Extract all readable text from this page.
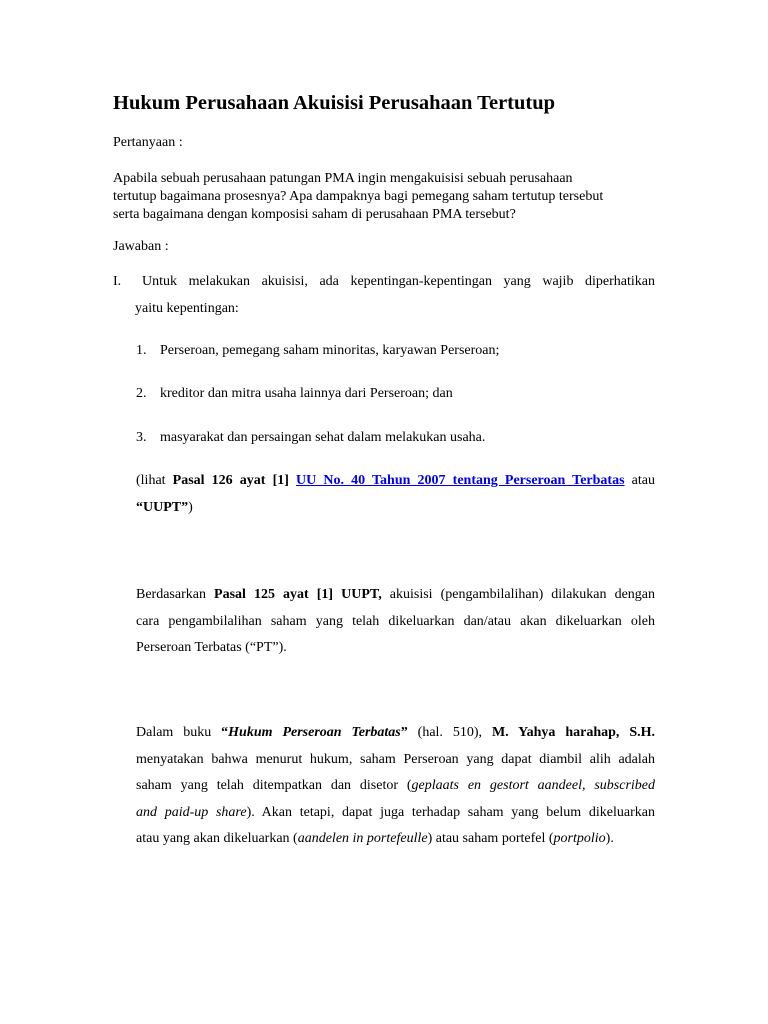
Hukum Perusahaan Akuisisi Perusahaan Tertutup
Pertanyaan :
Apabila sebuah perusahaan patungan PMA ingin mengakuisisi sebuah perusahaan
tertutup bagaimana prosesnya? Apa dampaknya bagi pemegang saham tertutup tersebut
serta bagaimana dengan komposisi saham di perusahaan PMA tersebut?
Jawaban :
I. Untuk melakukan akuisisi, ada kepentingan-kepentingan yang wajib diperhatikan
yaitu kepentingan:
1. Perseroan, pemegang saham minoritas, karyawan Perseroan;
2. kreditor dan mitra usaha lainnya dari Perseroan; dan
3. masyarakat dan persaingan sehat dalam melakukan usaha.
(lihat Pasal 126 ayat [1] UU No. 40 Tahun 2007 tentang Perseroan Terbatas atau
“UUPT”)
Berdasarkan Pasal 125 ayat [1] UUPT, akuisisi (pengambilalihan) dilakukan dengan
cara pengambilalihan saham yang telah dikeluarkan dan/atau akan dikeluarkan oleh
Perseroan Terbatas (“PT”).
Dalam buku “Hukum Perseroan Terbatas” (hal. 510), M. Yahya harahap, S.H.
menyatakan bahwa menurut hukum, saham Perseroan yang dapat diambil alih adalah
saham yang telah ditempatkan dan disetor (geplaats en gestort aandeel, subscribed
and paid-up share). Akan tetapi, dapat juga terhadap saham yang belum dikeluarkan
atau yang akan dikeluarkan (aandelen in portefeulle) atau saham portefel (portpolio).
